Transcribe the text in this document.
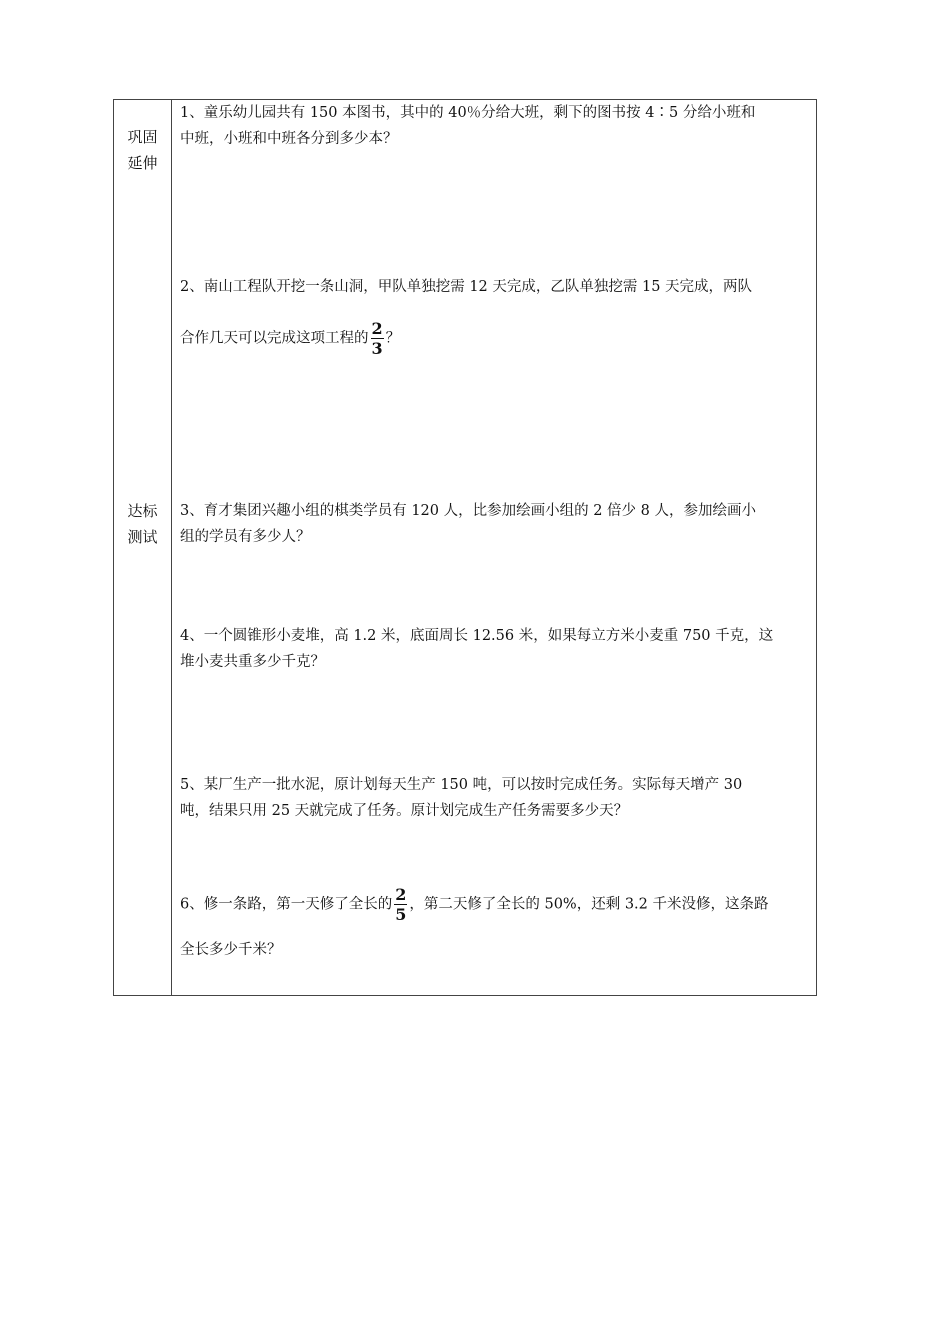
巩固
延伸
达标
测试
1、童乐幼儿园共有 150 本图书，其中的 40％分给大班，剩下的图书按 4∶5 分给小班和
中班，小班和中班各分到多少本？
2、南山工程队开挖一条山洞，甲队单独挖需 12 天完成，乙队单独挖需 15 天完成，两队
合作几天可以完成这项工程的 $\frac{2}{3}$ ？
3、育才集团兴趣小组的棋类学员有 120 人，比参加绘画小组的 2 倍少 8 人，参加绘画小
组的学员有多少人？
4、一个圆锥形小麦堆，高 1.2 米，底面周长 12.56 米，如果每立方米小麦重 750 千克，这
堆小麦共重多少千克？
5、某厂生产一批水泥，原计划每天生产 150 吨，可以按时完成任务。实际每天增产 30
吨，结果只用 25 天就完成了任务。原计划完成生产任务需要多少天？
6、修一条路，第一天修了全长的 $\frac{2}{5}$ ，第二天修了全长的 50%，还剩 3.2 千米没修，这条路
全长多少千米？
